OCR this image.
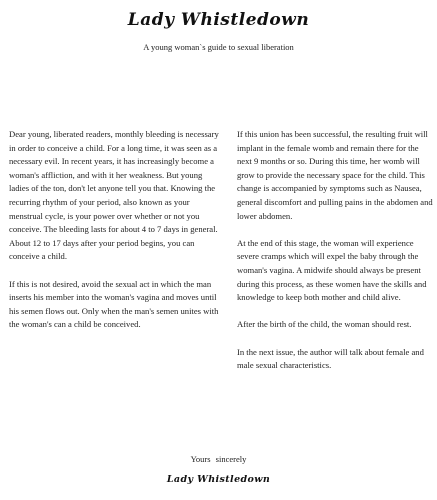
Lady Whistledown
A young woman`s guide to sexual liberation

Dear young, liberated readers, monthly bleeding is necessary in order to conceive a child. For a long time, it was seen as a necessary evil. In recent years, it has increasingly become a woman's affliction, and with it her weakness. But young ladies of the ton, don't let anyone tell you that. Knowing the recurring rhythm of your period, also known as your menstrual cycle, is your power over whether or not you conceive. The bleeding lasts for about 4 to 7 days in general. About 12 to 17 days after your period begins, you can conceive a child.

If this is not desired, avoid the sexual act in which the man inserts his member into the woman's vagina and moves until his semen flows out. Only when the man's semen unites with the woman's can a child be conceived.

If this union has been successful, the resulting fruit will implant in the female womb and remain there for the next 9 months or so. During this time, her womb will grow to provide the necessary space for the child. This change is accompanied by symptoms such as Nausea, general discomfort and pulling pains in the abdomen and lower abdomen.

At the end of this stage, the woman will experience severe cramps which will expel the baby through the woman's vagina. A midwife should always be present during this process, as these women have the skills and knowledge to keep both mother and child alive.

After the birth of the child, the woman should rest.

In the next issue, the author will talk about female and male sexual characteristics.

Yours sincerely
Lady Whistledown
